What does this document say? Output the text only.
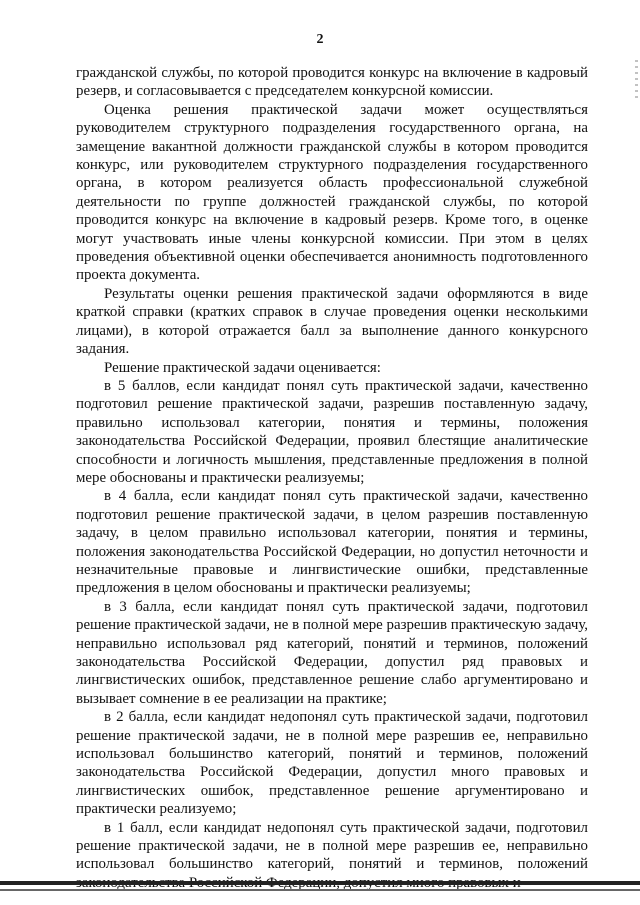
2

гражданской службы, по которой проводится конкурс на включение в кадровый резерв, и согласовывается с председателем конкурсной комиссии.

Оценка решения практической задачи может осуществляться руководителем структурного подразделения государственного органа, на замещение вакантной должности гражданской службы в котором проводится конкурс, или руководителем структурного подразделения государственного органа, в котором реализуется область профессиональной служебной деятельности по группе должностей гражданской службы, по которой проводится конкурс на включение в кадровый резерв. Кроме того, в оценке могут участвовать иные члены конкурсной комиссии. При этом в целях проведения объективной оценки обеспечивается анонимность подготовленного проекта документа.

Результаты оценки решения практической задачи оформляются в виде краткой справки (кратких справок в случае проведения оценки несколькими лицами), в которой отражается балл за выполнение данного конкурсного задания.

Решение практической задачи оценивается:

в 5 баллов, если кандидат понял суть практической задачи, качественно подготовил решение практической задачи, разрешив поставленную задачу, правильно использовал категории, понятия и термины, положения законодательства Российской Федерации, проявил блестящие аналитические способности и логичность мышления, представленные предложения в полной мере обоснованы и практически реализуемы;

в 4 балла, если кандидат понял суть практической задачи, качественно подготовил решение практической задачи, в целом разрешив поставленную задачу, в целом правильно использовал категории, понятия и термины, положения законодательства Российской Федерации, но допустил неточности и незначительные правовые и лингвистические ошибки, представленные предложения в целом обоснованы и практически реализуемы;

в 3 балла, если кандидат понял суть практической задачи, подготовил решение практической задачи, не в полной мере разрешив практическую задачу, неправильно использовал ряд категорий, понятий и терминов, положений законодательства Российской Федерации, допустил ряд правовых и лингвистических ошибок, представленное решение слабо аргументировано и вызывает сомнение в ее реализации на практике;

в 2 балла, если кандидат недопонял суть практической задачи, подготовил решение практической задачи, не в полной мере разрешив ее, неправильно использовал большинство категорий, понятий и терминов, положений законодательства Российской Федерации, допустил много правовых и лингвистических ошибок, представленное решение аргументировано и практически реализуемо;

в 1 балл, если кандидат недопонял суть практической задачи, подготовил решение практической задачи, не в полной мере разрешив ее, неправильно использовал большинство категорий, понятий и терминов, положений
